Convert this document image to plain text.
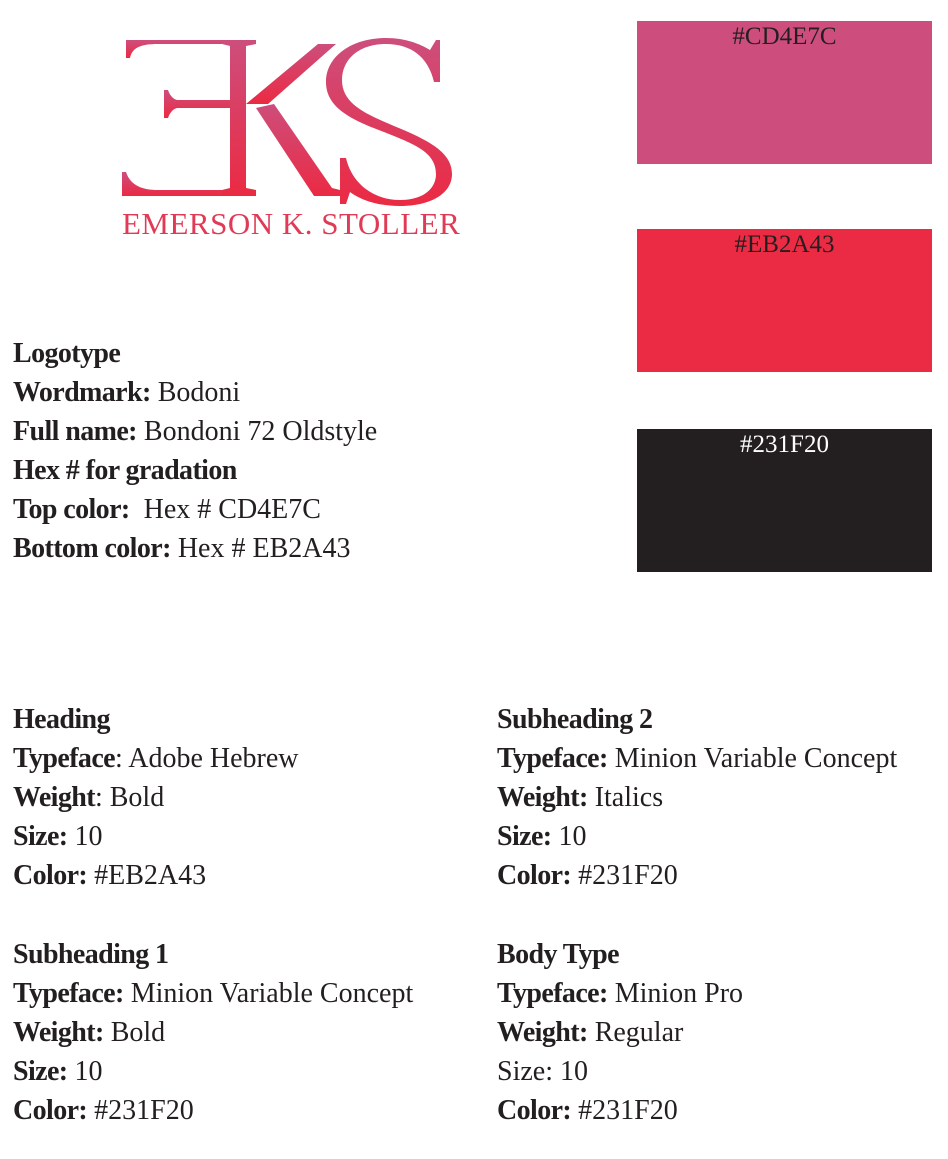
EMERSON K. STOLLER

#CD4E7C
#EB2A43
#231F20
Logotype
Wordmark: Bodoni
Full name: Bondoni 72 Oldstyle
Hex # for gradation
Top color:  Hex # CD4E7C
Bottom color: Hex # EB2A43
Heading
Typeface: Adobe Hebrew
Weight: Bold
Size: 10
Color: #EB2A43
Subheading 2
Typeface: Minion Variable Concept
Weight: Italics
Size: 10
Color: #231F20
Subheading 1
Typeface: Minion Variable Concept
Weight: Bold
Size: 10
Color: #231F20
Body Type
Typeface: Minion Pro
Weight: Regular
Size: 10
Color: #231F20
